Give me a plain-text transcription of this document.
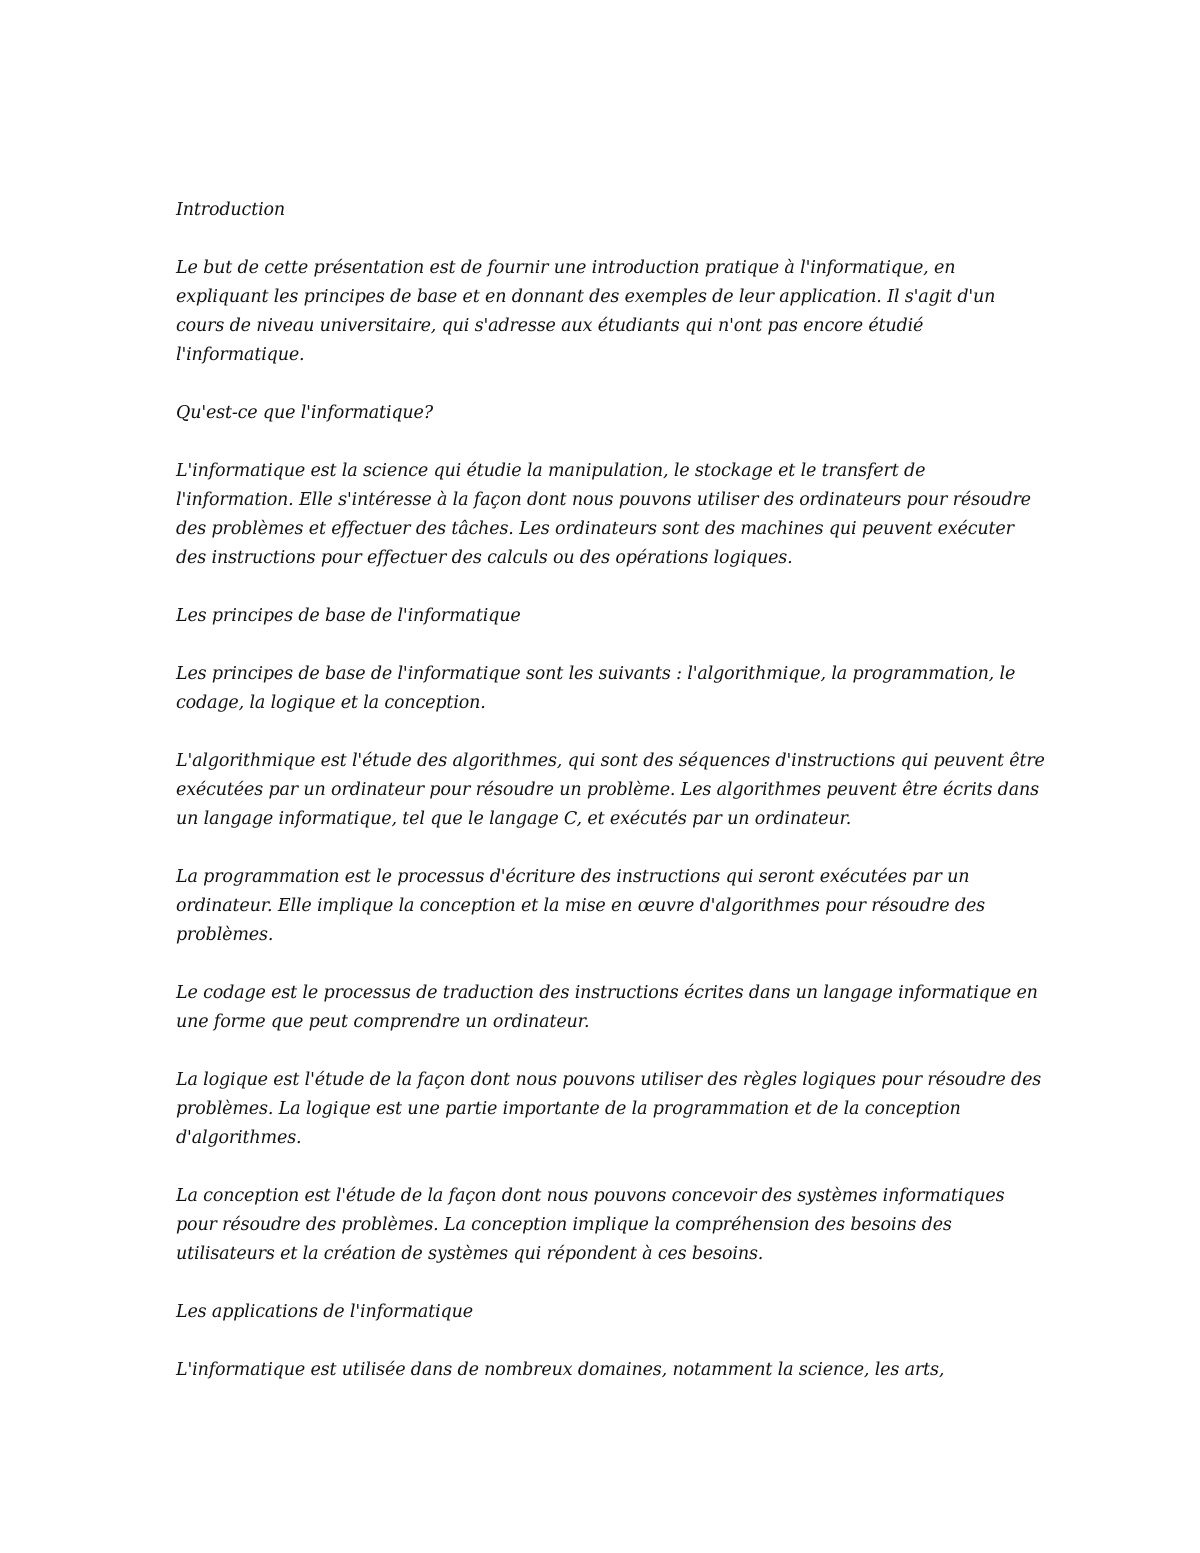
Introduction

Le but de cette présentation est de fournir une introduction pratique à l'informatique, en expliquant les principes de base et en donnant des exemples de leur application. Il s'agit d'un cours de niveau universitaire, qui s'adresse aux étudiants qui n'ont pas encore étudié l'informatique.

Qu'est-ce que l'informatique?

L'informatique est la science qui étudie la manipulation, le stockage et le transfert de l'information. Elle s'intéresse à la façon dont nous pouvons utiliser des ordinateurs pour résoudre des problèmes et effectuer des tâches. Les ordinateurs sont des machines qui peuvent exécuter des instructions pour effectuer des calculs ou des opérations logiques.

Les principes de base de l'informatique

Les principes de base de l'informatique sont les suivants : l'algorithmique, la programmation, le codage, la logique et la conception.

L'algorithmique est l'étude des algorithmes, qui sont des séquences d'instructions qui peuvent être exécutées par un ordinateur pour résoudre un problème. Les algorithmes peuvent être écrits dans un langage informatique, tel que le langage C, et exécutés par un ordinateur.

La programmation est le processus d'écriture des instructions qui seront exécutées par un ordinateur. Elle implique la conception et la mise en œuvre d'algorithmes pour résoudre des problèmes.

Le codage est le processus de traduction des instructions écrites dans un langage informatique en une forme que peut comprendre un ordinateur.

La logique est l'étude de la façon dont nous pouvons utiliser des règles logiques pour résoudre des problèmes. La logique est une partie importante de la programmation et de la conception d'algorithmes.

La conception est l'étude de la façon dont nous pouvons concevoir des systèmes informatiques pour résoudre des problèmes. La conception implique la compréhension des besoins des utilisateurs et la création de systèmes qui répondent à ces besoins.

Les applications de l'informatique

L'informatique est utilisée dans de nombreux domaines, notamment la science, les arts,
